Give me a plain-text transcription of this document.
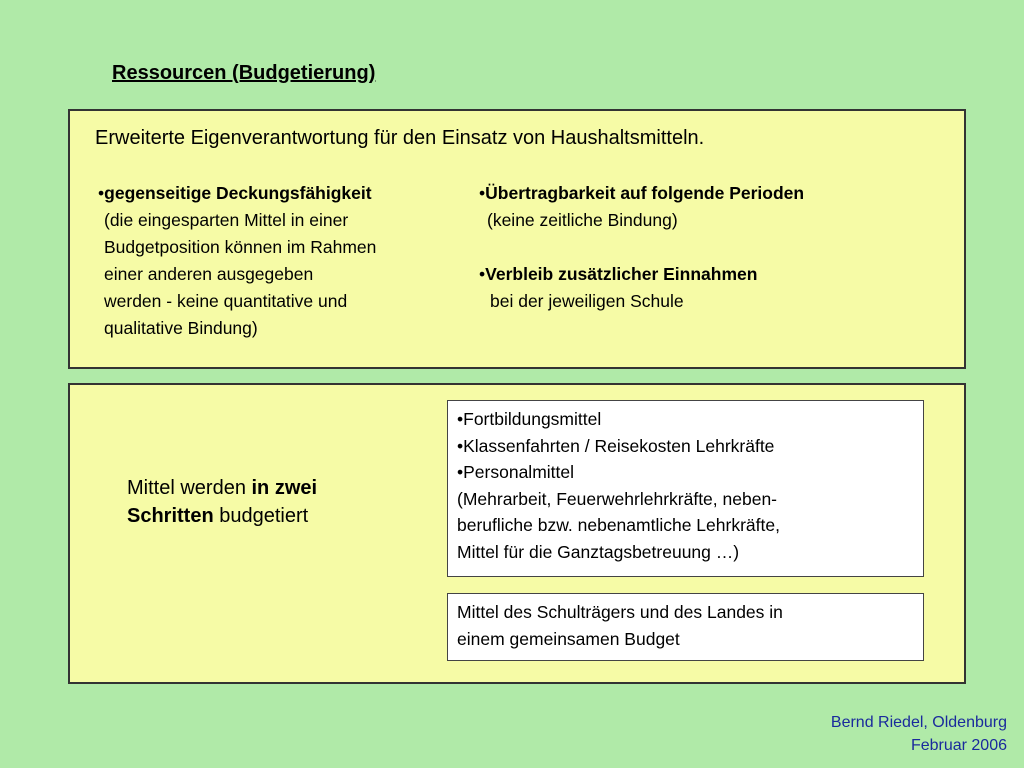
Ressourcen (Budgetierung)
Erweiterte Eigenverantwortung für den Einsatz von Haushaltsmitteln.
•gegenseitige Deckungsfähigkeit
(die eingesparten Mittel in einer
Budgetposition können im Rahmen
einer anderen ausgegeben
werden - keine quantitative und
qualitative Bindung)
•Übertragbarkeit auf folgende Perioden
(keine zeitliche Bindung)
•Verbleib zusätzlicher Einnahmen
bei der jeweiligen Schule
Mittel werden in zwei
Schritten budgetiert
•Fortbildungsmittel
•Klassenfahrten / Reisekosten Lehrkräfte
•Personalmittel
(Mehrarbeit, Feuerwehrlehrkräfte, neben-
berufliche bzw. nebenamtliche Lehrkräfte,
Mittel für die Ganztagsbetreuung …)
Mittel des Schulträgers und des Landes in
einem gemeinsamen Budget
Bernd Riedel, Oldenburg
Februar 2006
